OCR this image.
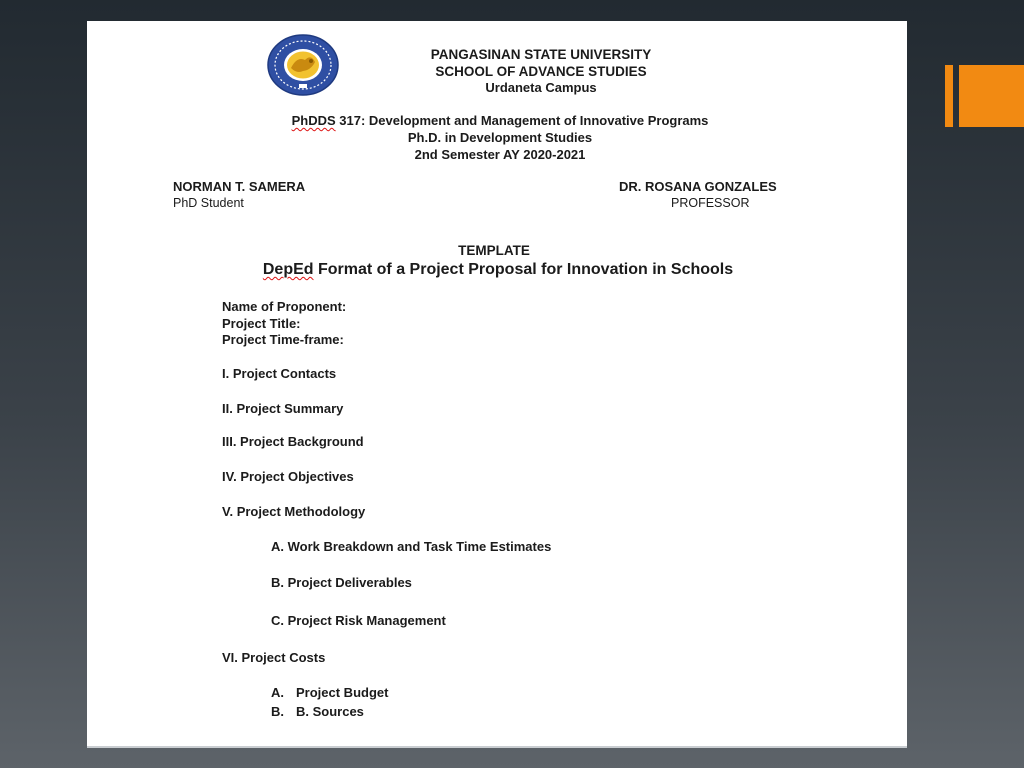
PANGASINAN STATE UNIVERSITY
SCHOOL OF ADVANCE STUDIES
Urdaneta Campus
PhDDS 317: Development and Management of Innovative Programs
Ph.D. in Development Studies
2nd Semester AY 2020-2021
NORMAN T. SAMERA
PhD Student
DR. ROSANA GONZALES
PROFESSOR
TEMPLATE
DepEd Format of a Project Proposal for Innovation in Schools
Name of Proponent:
Project Title:
Project Time-frame:
I. Project Contacts
II. Project Summary
III. Project Background
IV. Project Objectives
V. Project Methodology
A. Work Breakdown and Task Time Estimates
B. Project Deliverables
C. Project Risk Management
VI. Project Costs
A. Project Budget
B. B. Sources
